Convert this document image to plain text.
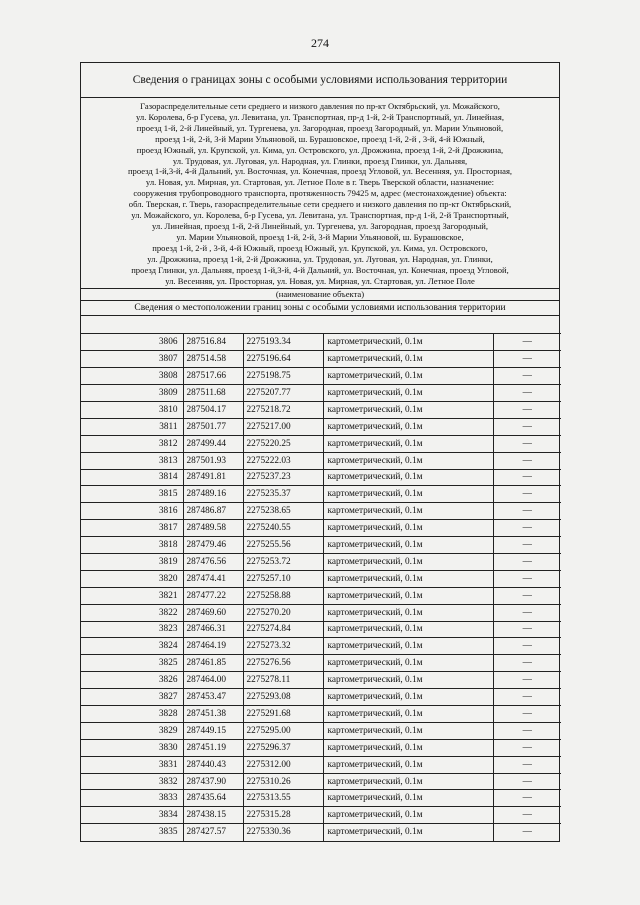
274
Сведения о границах зоны с особыми условиями использования территории
Газораспределительные сети среднего и низкого давления по пр-кт Октябрьский, ул. Можайского,
ул. Королева, б-р Гусева, ул. Левитана, ул. Транспортная, пр-д 1-й, 2-й Транспортный, ул. Линейная,
проезд 1-й, 2-й Линейный, ул. Тургенева, ул. Загородная, проезд Загородный, ул. Марии Ульяновой,
проезд 1-й, 2-й, 3-й Марии Ульяновой, ш. Бурашовское, проезд 1-й, 2-й , 3-й, 4-й Южный,
проезд Южный, ул. Крупской, ул. Кима, ул. Островского, ул. Дрожжина, проезд 1-й, 2-й Дрожжина,
ул. Трудовая, ул. Луговая, ул. Народная, ул. Глинки, проезд Глинки, ул. Дальняя,
проезд 1-й,3-й, 4-й Дальний, ул. Восточная, ул. Конечная, проезд Угловой, ул. Весенняя, ул. Просторная,
ул. Новая, ул. Мирная, ул. Стартовая, ул. Летное Поле в г. Тверь Тверской области, назначение:
сооружения трубопроводного транспорта, протяженность 79425 м, адрес (местонахождение) объекта:
обл. Тверская, г. Тверь, газораспределительные сети среднего и низкого давления по пр-кт Октябрьский,
ул. Можайского, ул. Королева, б-р Гусева, ул. Левитана, ул. Транспортная, пр-д 1-й, 2-й Транспортный,
ул. Линейная, проезд 1-й, 2-й Линейный, ул. Тургенева, ул. Загородная, проезд Загородный,
ул. Марии Ульяновой, проезд 1-й, 2-й, 3-й Марии Ульяновой, ш. Бурашовское,
проезд 1-й, 2-й , 3-й, 4-й Южный, проезд Южный, ул. Крупской, ул. Кима, ул. Островского,
ул. Дрожжина, проезд 1-й, 2-й Дрожжина, ул. Трудовая, ул. Луговая, ул. Народная, ул. Глинки,
проезд Глинки, ул. Дальняя, проезд 1-й,3-й, 4-й Дальний, ул. Восточная, ул. Конечная, проезд Угловой,
ул. Весенняя, ул. Просторная, ул. Новая, ул. Мирная, ул. Стартовая, ул. Летное Поле
(наименование объекта)
Сведения о местоположении границ зоны с особыми условиями использования территории
3806	287516.84	2275193.34	картометрический, 0.1м	—
3807	287514.58	2275196.64	картометрический, 0.1м	—
3808	287517.66	2275198.75	картометрический, 0.1м	—
3809	287511.68	2275207.77	картометрический, 0.1м	—
3810	287504.17	2275218.72	картометрический, 0.1м	—
3811	287501.77	2275217.00	картометрический, 0.1м	—
3812	287499.44	2275220.25	картометрический, 0.1м	—
3813	287501.93	2275222.03	картометрический, 0.1м	—
3814	287491.81	2275237.23	картометрический, 0.1м	—
3815	287489.16	2275235.37	картометрический, 0.1м	—
3816	287486.87	2275238.65	картометрический, 0.1м	—
3817	287489.58	2275240.55	картометрический, 0.1м	—
3818	287479.46	2275255.56	картометрический, 0.1м	—
3819	287476.56	2275253.72	картометрический, 0.1м	—
3820	287474.41	2275257.10	картометрический, 0.1м	—
3821	287477.22	2275258.88	картометрический, 0.1м	—
3822	287469.60	2275270.20	картометрический, 0.1м	—
3823	287466.31	2275274.84	картометрический, 0.1м	—
3824	287464.19	2275273.32	картометрический, 0.1м	—
3825	287461.85	2275276.56	картометрический, 0.1м	—
3826	287464.00	2275278.11	картометрический, 0.1м	—
3827	287453.47	2275293.08	картометрический, 0.1м	—
3828	287451.38	2275291.68	картометрический, 0.1м	—
3829	287449.15	2275295.00	картометрический, 0.1м	—
3830	287451.19	2275296.37	картометрический, 0.1м	—
3831	287440.43	2275312.00	картометрический, 0.1м	—
3832	287437.90	2275310.26	картометрический, 0.1м	—
3833	287435.64	2275313.55	картометрический, 0.1м	—
3834	287438.15	2275315.28	картометрический, 0.1м	—
3835	287427.57	2275330.36	картометрический, 0.1м	—
